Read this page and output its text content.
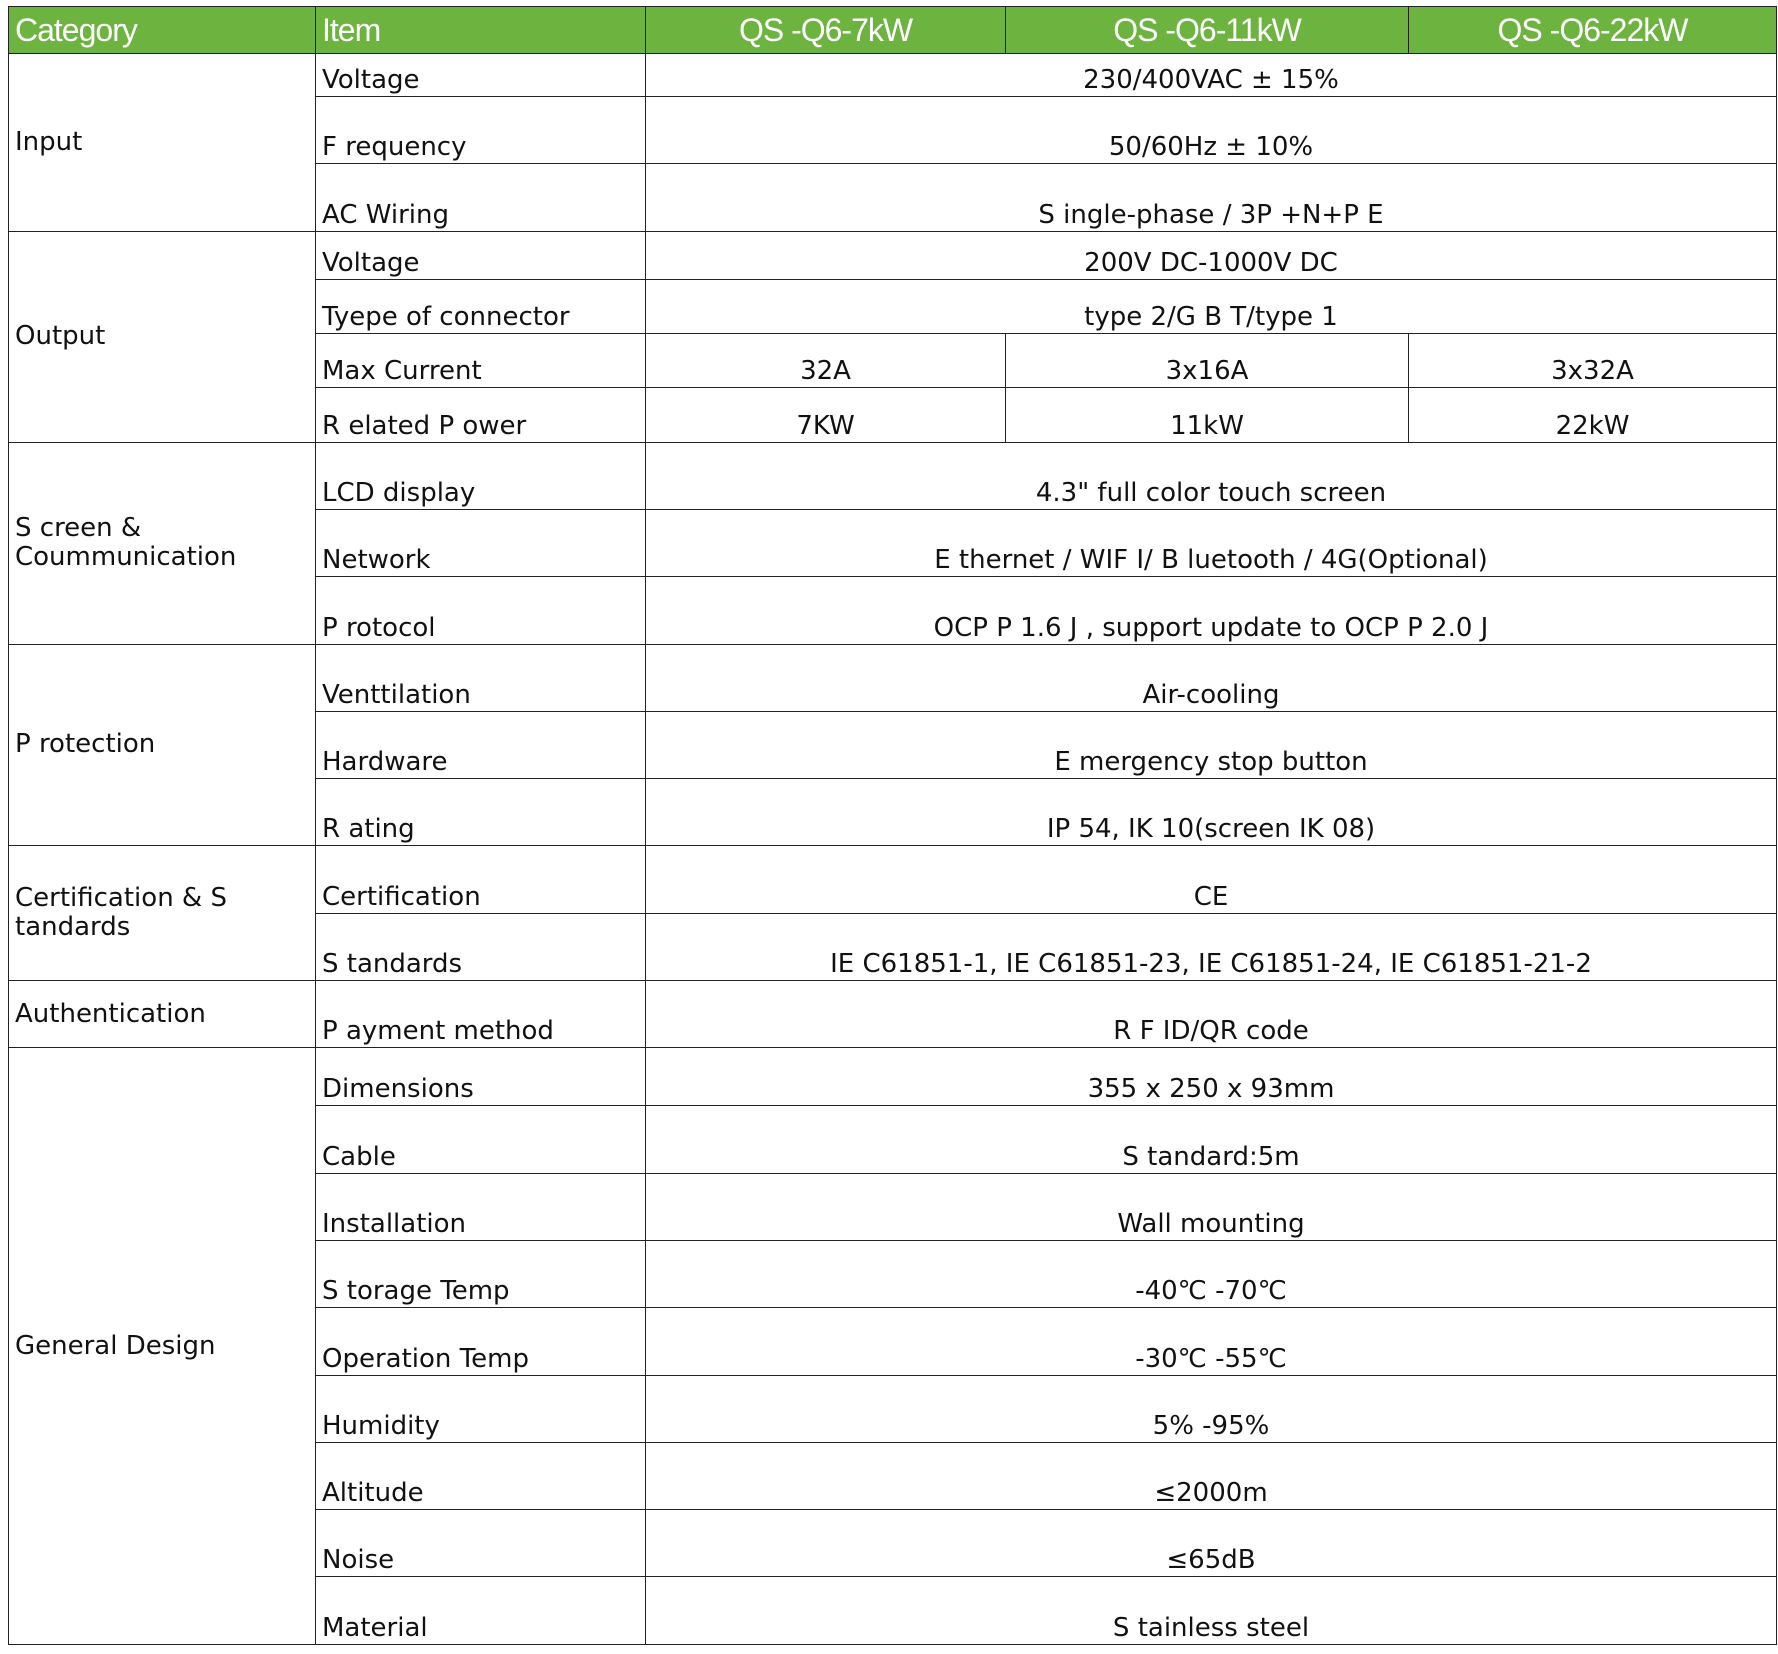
Category	Item	QS -Q6-7kW	QS -Q6-11kW	QS -Q6-22kW
Input	Voltage	230/400VAC ± 15%		
	F requency	50/60Hz ± 10%		
	AC Wiring	S ingle-phase / 3P +N+P E		
Output	Voltage	200V DC-1000V DC		
	Tyepe of connector	type 2/G B T/type 1		
	Max Current	32A	3x16A	3x32A
	R elated P ower	7KW	11kW	22kW
S creen & Coummunication	LCD display	4.3" full color touch screen		
	Network	E thernet / WIF I/ B luetooth / 4G(Optional)		
	P rotocol	OCP P 1.6 J , support update to OCP P 2.0 J		
P rotection	Venttilation	Air-cooling		
	Hardware	E mergency stop button		
	R ating	IP 54, IK 10(screen IK 08)		
Certification & S tandards	Certification	CE		
	S tandards	IE C61851-1, IE C61851-23, IE C61851-24, IE C61851-21-2		
Authentication	P ayment method	R F ID/QR code		
General Design	Dimensions	355 x 250 x 93mm		
	Cable	S tandard:5m		
	Installation	Wall mounting		
	S torage Temp	-40℃ -70℃		
	Operation Temp	-30℃ -55℃		
	Humidity	5% -95%		
	Altitude	≤2000m		
	Noise	≤65dB		
	Material	S tainless steel		
